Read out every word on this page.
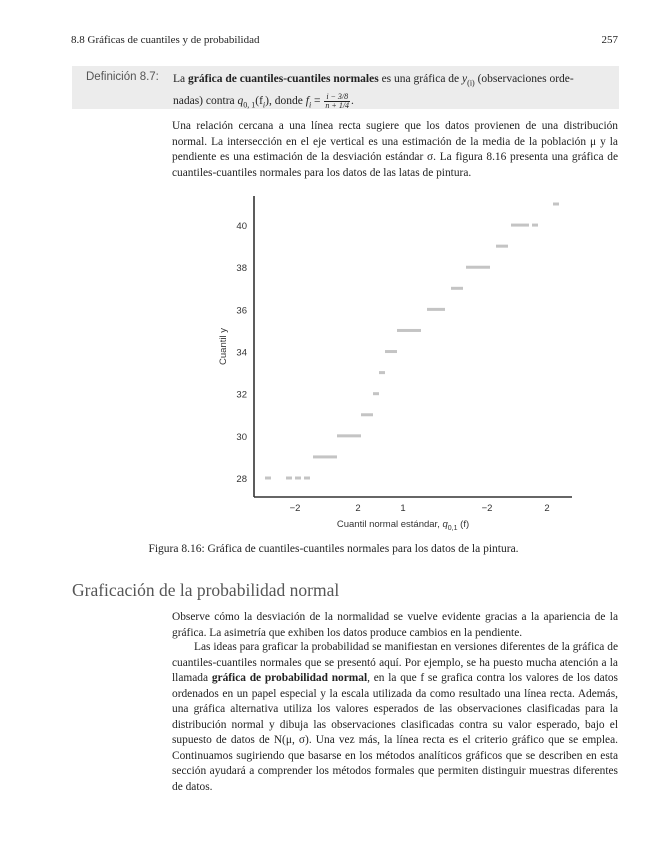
8.8 Gráficas de cuantiles y de probabilidad	257
Definición 8.7: La gráfica de cuantiles-cuantiles normales es una gráfica de $y_{(i)}$ (observaciones orde-
nadas) contra $q_{0, 1}(f_i)$, donde $f_i = \frac{i - 3/8}{n + 1/4}$ .

Una relación cercana a una línea recta sugiere que los datos provienen de una distribución normal. La intersección en el eje vertical es una estimación de la media de la población μ y la pendiente es una estimación de la desviación estándar σ. La figura 8.16 presenta una gráfica de cuantiles-cuantiles normales para los datos de las latas de pintura.

40
38
36
34
32
30
28
−2	2	1	−2	2
Cuantil y
Cuantil normal estándar, $q_{0,1}$ (f)
Figura 8.16: Gráfica de cuantiles-cuantiles normales para los datos de la pintura.
Graficación de la probabilidad normal

Observe cómo la desviación de la normalidad se vuelve evidente gracias a la apariencia de la gráfica. La asimetría que exhiben los datos produce cambios en la pendiente.

Las ideas para graficar la probabilidad se manifiestan en versiones diferentes de la gráfica de cuantiles-cuantiles normales que se presentó aquí. Por ejemplo, se ha puesto mucha atención a la llamada gráfica de probabilidad normal, en la que f se grafica contra los valores de los datos ordenados en un papel especial y la escala utilizada da como resultado una línea recta. Además, una gráfica alternativa utiliza los valores esperados de las observaciones clasificadas para la distribución normal y dibuja las observaciones clasificadas contra su valor esperado, bajo el supuesto de datos de N(μ, σ). Una vez más, la línea recta es el criterio gráfico que se emplea. Continuamos sugiriendo que basarse en los métodos analíticos gráficos que se describen en esta sección ayudará a comprender los métodos formales que permiten distinguir muestras diferentes de datos.
